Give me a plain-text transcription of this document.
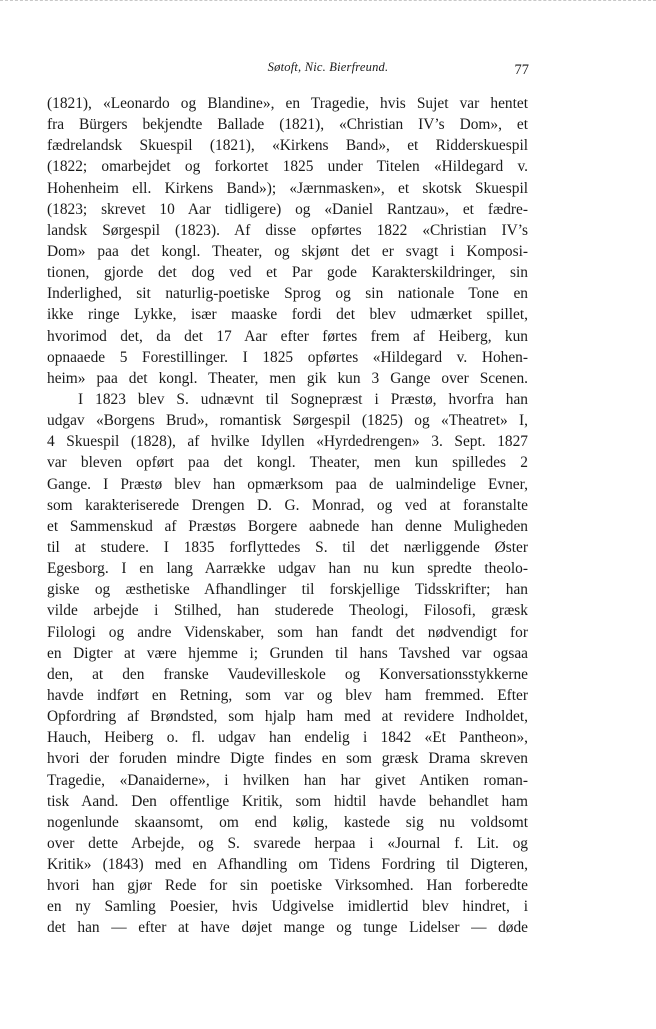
Søtoft, Nic. Bierfreund.	77
(1821), «Leonardo og Blandine», en Tragedie, hvis Sujet var hentet
fra Bürgers bekjendte Ballade (1821), «Christian IV’s Dom», et
fædrelandsk Skuespil (1821), «Kirkens Band», et Ridderskuespil
(1822; omarbejdet og forkortet 1825 under Titelen «Hildegard v.
Hohenheim ell. Kirkens Band»); «Jærnmasken», et skotsk Skuespil
(1823; skrevet 10 Aar tidligere) og «Daniel Rantzau», et fædre-
landsk Sørgespil (1823). Af disse opførtes 1822 «Christian IV’s
Dom» paa det kongl. Theater, og skjønt det er svagt i Komposi-
tionen, gjorde det dog ved et Par gode Karakterskildringer, sin
Inderlighed, sit naturlig-poetiske Sprog og sin nationale Tone en
ikke ringe Lykke, især maaske fordi det blev udmærket spillet,
hvorimod det, da det 17 Aar efter førtes frem af Heiberg, kun
opnaaede 5 Forestillinger. I 1825 opførtes «Hildegard v. Hohen-
heim» paa det kongl. Theater, men gik kun 3 Gange over Scenen.
I 1823 blev S. udnævnt til Sognepræst i Præstø, hvorfra han
udgav «Borgens Brud», romantisk Sørgespil (1825) og «Theatret» I,
4 Skuespil (1828), af hvilke Idyllen «Hyrdedrengen» 3. Sept. 1827
var bleven opført paa det kongl. Theater, men kun spilledes 2
Gange. I Præstø blev han opmærksom paa de ualmindelige Evner,
som karakteriserede Drengen D. G. Monrad, og ved at foranstalte
et Sammenskud af Præstøs Borgere aabnede han denne Muligheden
til at studere. I 1835 forflyttedes S. til det nærliggende Øster
Egesborg. I en lang Aarrække udgav han nu kun spredte theolo-
giske og æsthetiske Afhandlinger til forskjellige Tidsskrifter; han
vilde arbejde i Stilhed, han studerede Theologi, Filosofi, græsk
Filologi og andre Videnskaber, som han fandt det nødvendigt for
en Digter at være hjemme i; Grunden til hans Tavshed var ogsaa
den, at den franske Vaudevilleskole og Konversationsstykkerne
havde indført en Retning, som var og blev ham fremmed. Efter
Opfordring af Brøndsted, som hjalp ham med at revidere Indholdet,
Hauch, Heiberg o. fl. udgav han endelig i 1842 «Et Pantheon»,
hvori der foruden mindre Digte findes en som græsk Drama skreven
Tragedie, «Danaiderne», i hvilken han har givet Antiken roman-
tisk Aand. Den offentlige Kritik, som hidtil havde behandlet ham
nogenlunde skaansomt, om end kølig, kastede sig nu voldsomt
over dette Arbejde, og S. svarede herpaa i «Journal f. Lit. og
Kritik» (1843) med en Afhandling om Tidens Fordring til Digteren,
hvori han gjør Rede for sin poetiske Virksomhed. Han forberedte
en ny Samling Poesier, hvis Udgivelse imidlertid blev hindret, i
det han — efter at have døjet mange og tunge Lidelser — døde
